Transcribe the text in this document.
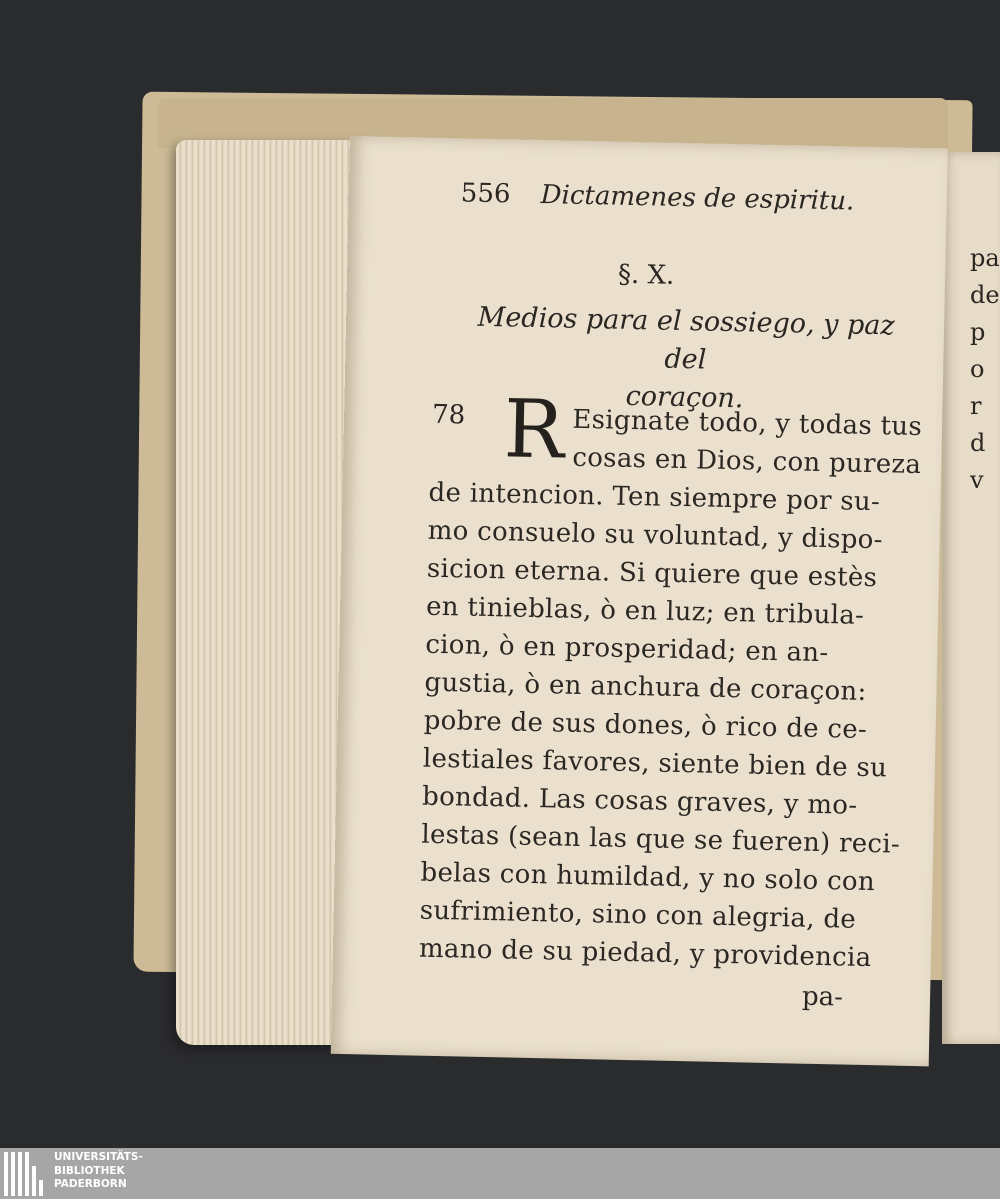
pa
de
p
o
r
d
v
556 Dictamenes de espiritu.
§. X.
Medios para el sossiego, y paz del
coraçon.
78 R Esignate todo, y todas tus
cosas en Dios, con pureza
de intencion. Ten siempre por su-
mo consuelo su voluntad, y dispo-
sicion eterna. Si quiere que estès
en tinieblas, ò en luz; en tribula-
cion, ò en prosperidad; en an-
gustia, ò en anchura de coraçon:
pobre de sus dones, ò rico de ce-
lestiales favores, siente bien de su
bondad. Las cosas graves, y mo-
lestas (sean las que se fueren) reci-
belas con humildad, y no solo con
sufrimiento, sino con alegria, de
mano de su piedad, y providencia
pa-
UNIVERSITÄTS-
BIBLIOTHEK
PADERBORN
